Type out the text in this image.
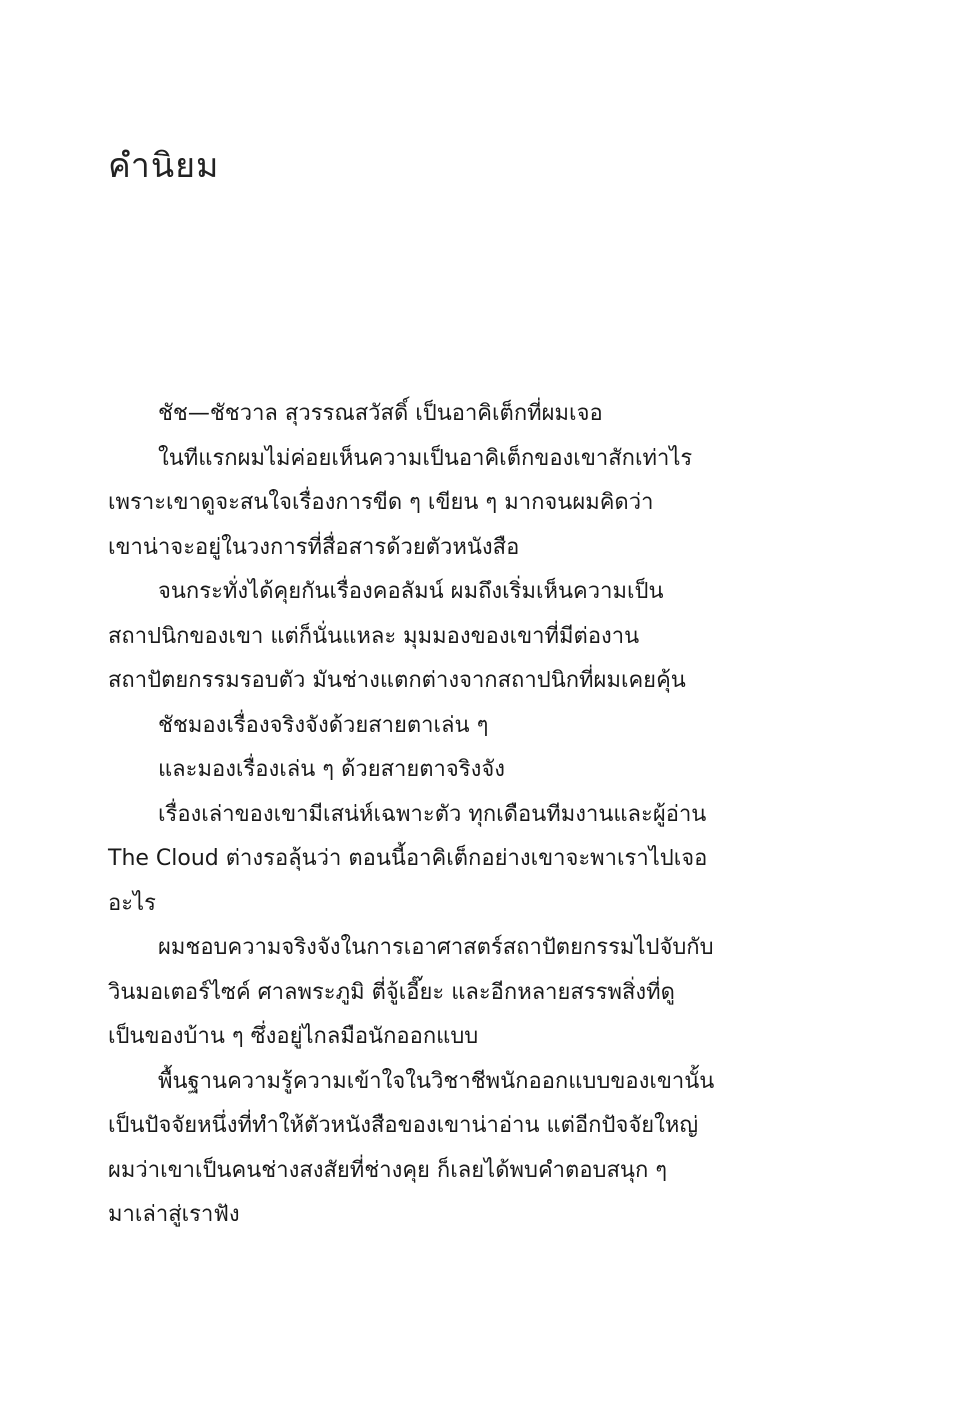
คำนิยม
ชัช—ชัชวาล สุวรรณสวัสดิ์ เป็นอาคิเต็กที่ผมเจอ
ในทีแรกผมไม่ค่อยเห็นความเป็นอาคิเต็กของเขาสักเท่าไร
เพราะเขาดูจะสนใจเรื่องการขีด ๆ เขียน ๆ มากจนผมคิดว่า
เขาน่าจะอยู่ในวงการที่สื่อสารด้วยตัวหนังสือ
จนกระทั่งได้คุยกันเรื่องคอลัมน์ ผมถึงเริ่มเห็นความเป็น
สถาปนิกของเขา แต่ก็นั่นแหละ มุมมองของเขาที่มีต่องาน
สถาปัตยกรรมรอบตัว มันช่างแตกต่างจากสถาปนิกที่ผมเคยคุ้น
ชัชมองเรื่องจริงจังด้วยสายตาเล่น ๆ
และมองเรื่องเล่น ๆ ด้วยสายตาจริงจัง
เรื่องเล่าของเขามีเสน่ห์เฉพาะตัว ทุกเดือนทีมงานและผู้อ่าน
The Cloud ต่างรอลุ้นว่า ตอนนี้อาคิเต็กอย่างเขาจะพาเราไปเจอ
อะไร
ผมชอบความจริงจังในการเอาศาสตร์สถาปัตยกรรมไปจับกับ
วินมอเตอร์ไซค์ ศาลพระภูมิ ตี่จู้เอี๊ยะ และอีกหลายสรรพสิ่งที่ดู
เป็นของบ้าน ๆ ซึ่งอยู่ไกลมือนักออกแบบ
พื้นฐานความรู้ความเข้าใจในวิชาชีพนักออกแบบของเขานั้น
เป็นปัจจัยหนึ่งที่ทำให้ตัวหนังสือของเขาน่าอ่าน แต่อีกปัจจัยใหญ่
ผมว่าเขาเป็นคนช่างสงสัยที่ช่างคุย ก็เลยได้พบคำตอบสนุก ๆ
มาเล่าสู่เราฟัง
